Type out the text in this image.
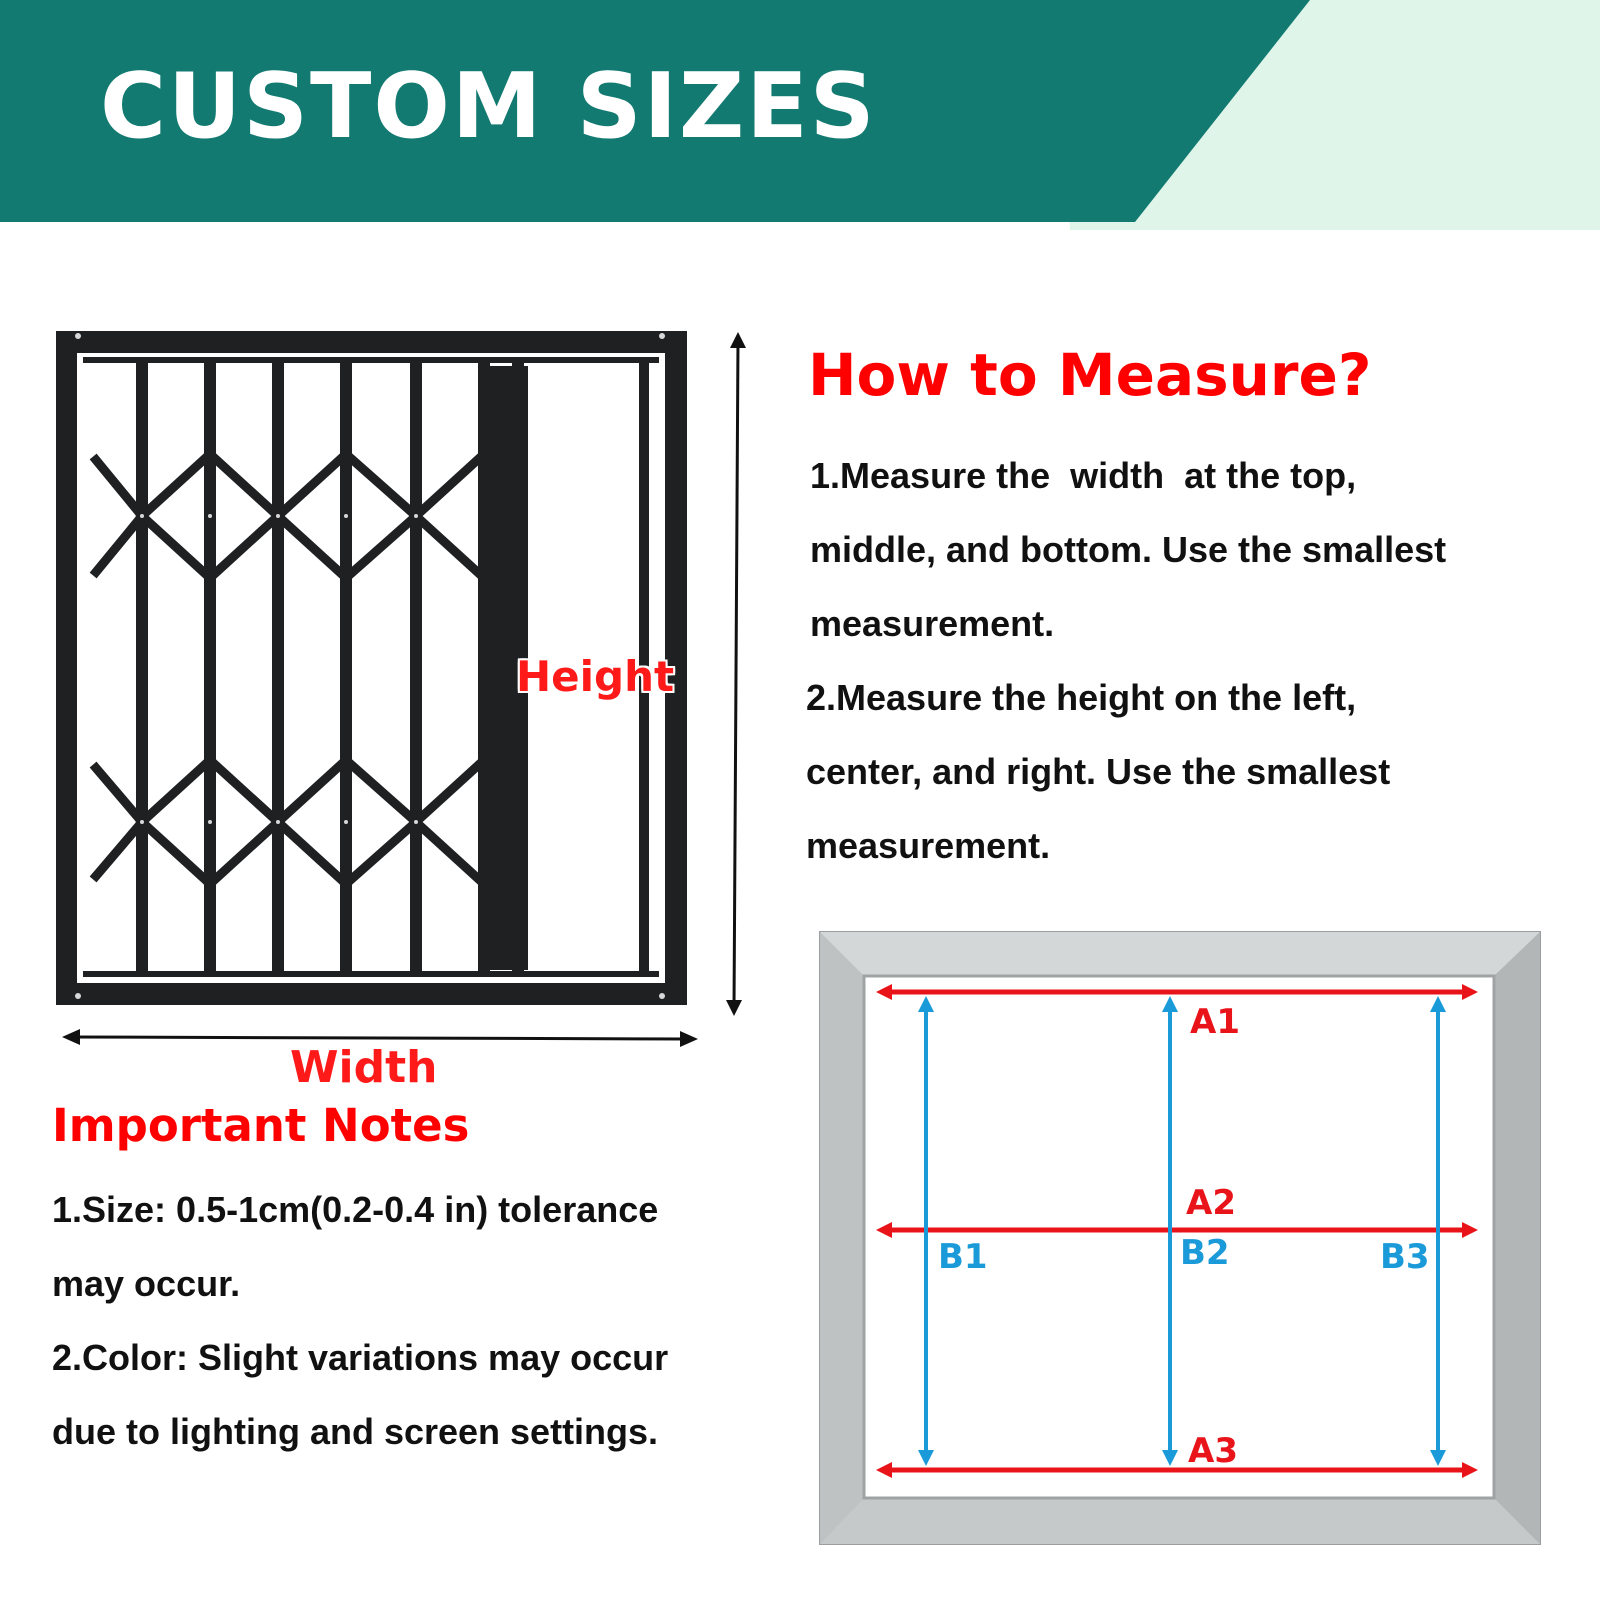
CUSTOM SIZES
Height
Width
How to Measure?
1.Measure the  width  at the top,
middle, and bottom. Use the smallest
measurement.
2.Measure the height on the left,
center, and right. Use the smallest
measurement.
Important Notes
1.Size: 0.5-1cm(0.2-0.4 in) tolerance
may occur.
2.Color: Slight variations may occur
due to lighting and screen settings.
A1
A2
A3
B1	B2	B3
